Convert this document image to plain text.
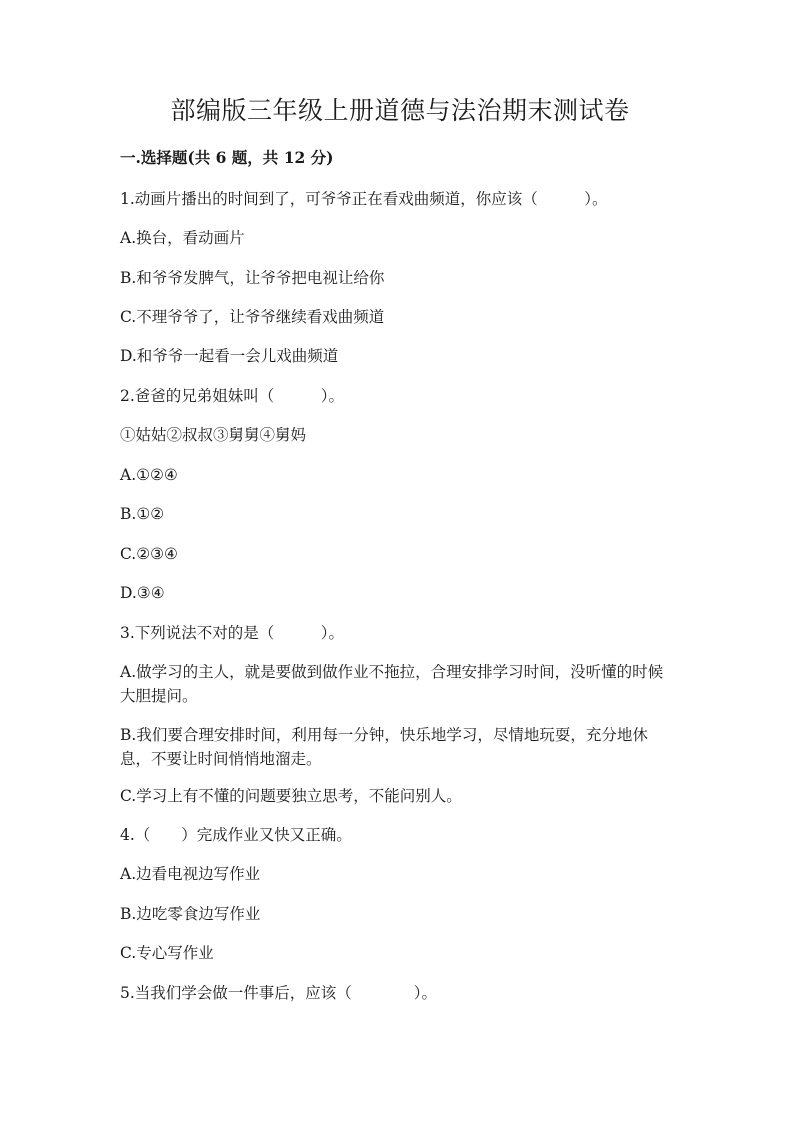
部编版三年级上册道德与法治期末测试卷
一.选择题(共 6 题，共 12 分)
1.动画片播出的时间到了，可爷爷正在看戏曲频道，你应该（　　　）。
A.换台，看动画片
B.和爷爷发脾气，让爷爷把电视让给你
C.不理爷爷了，让爷爷继续看戏曲频道
D.和爷爷一起看一会儿戏曲频道
2.爸爸的兄弟姐妹叫（　　　）。
①姑姑②叔叔③舅舅④舅妈
A.①②④
B.①②
C.②③④
D.③④
3.下列说法不对的是（　　　）。
A.做学习的主人，就是要做到做作业不拖拉，合理安排学习时间，没听懂的时候大胆提问。
B.我们要合理安排时间，利用每一分钟，快乐地学习，尽情地玩耍，充分地休息，不要让时间悄悄地溜走。
C.学习上有不懂的问题要独立思考，不能问别人。
4.（　　）完成作业又快又正确。
A.边看电视边写作业
B.边吃零食边写作业
C.专心写作业
5.当我们学会做一件事后，应该（　　　　）。
